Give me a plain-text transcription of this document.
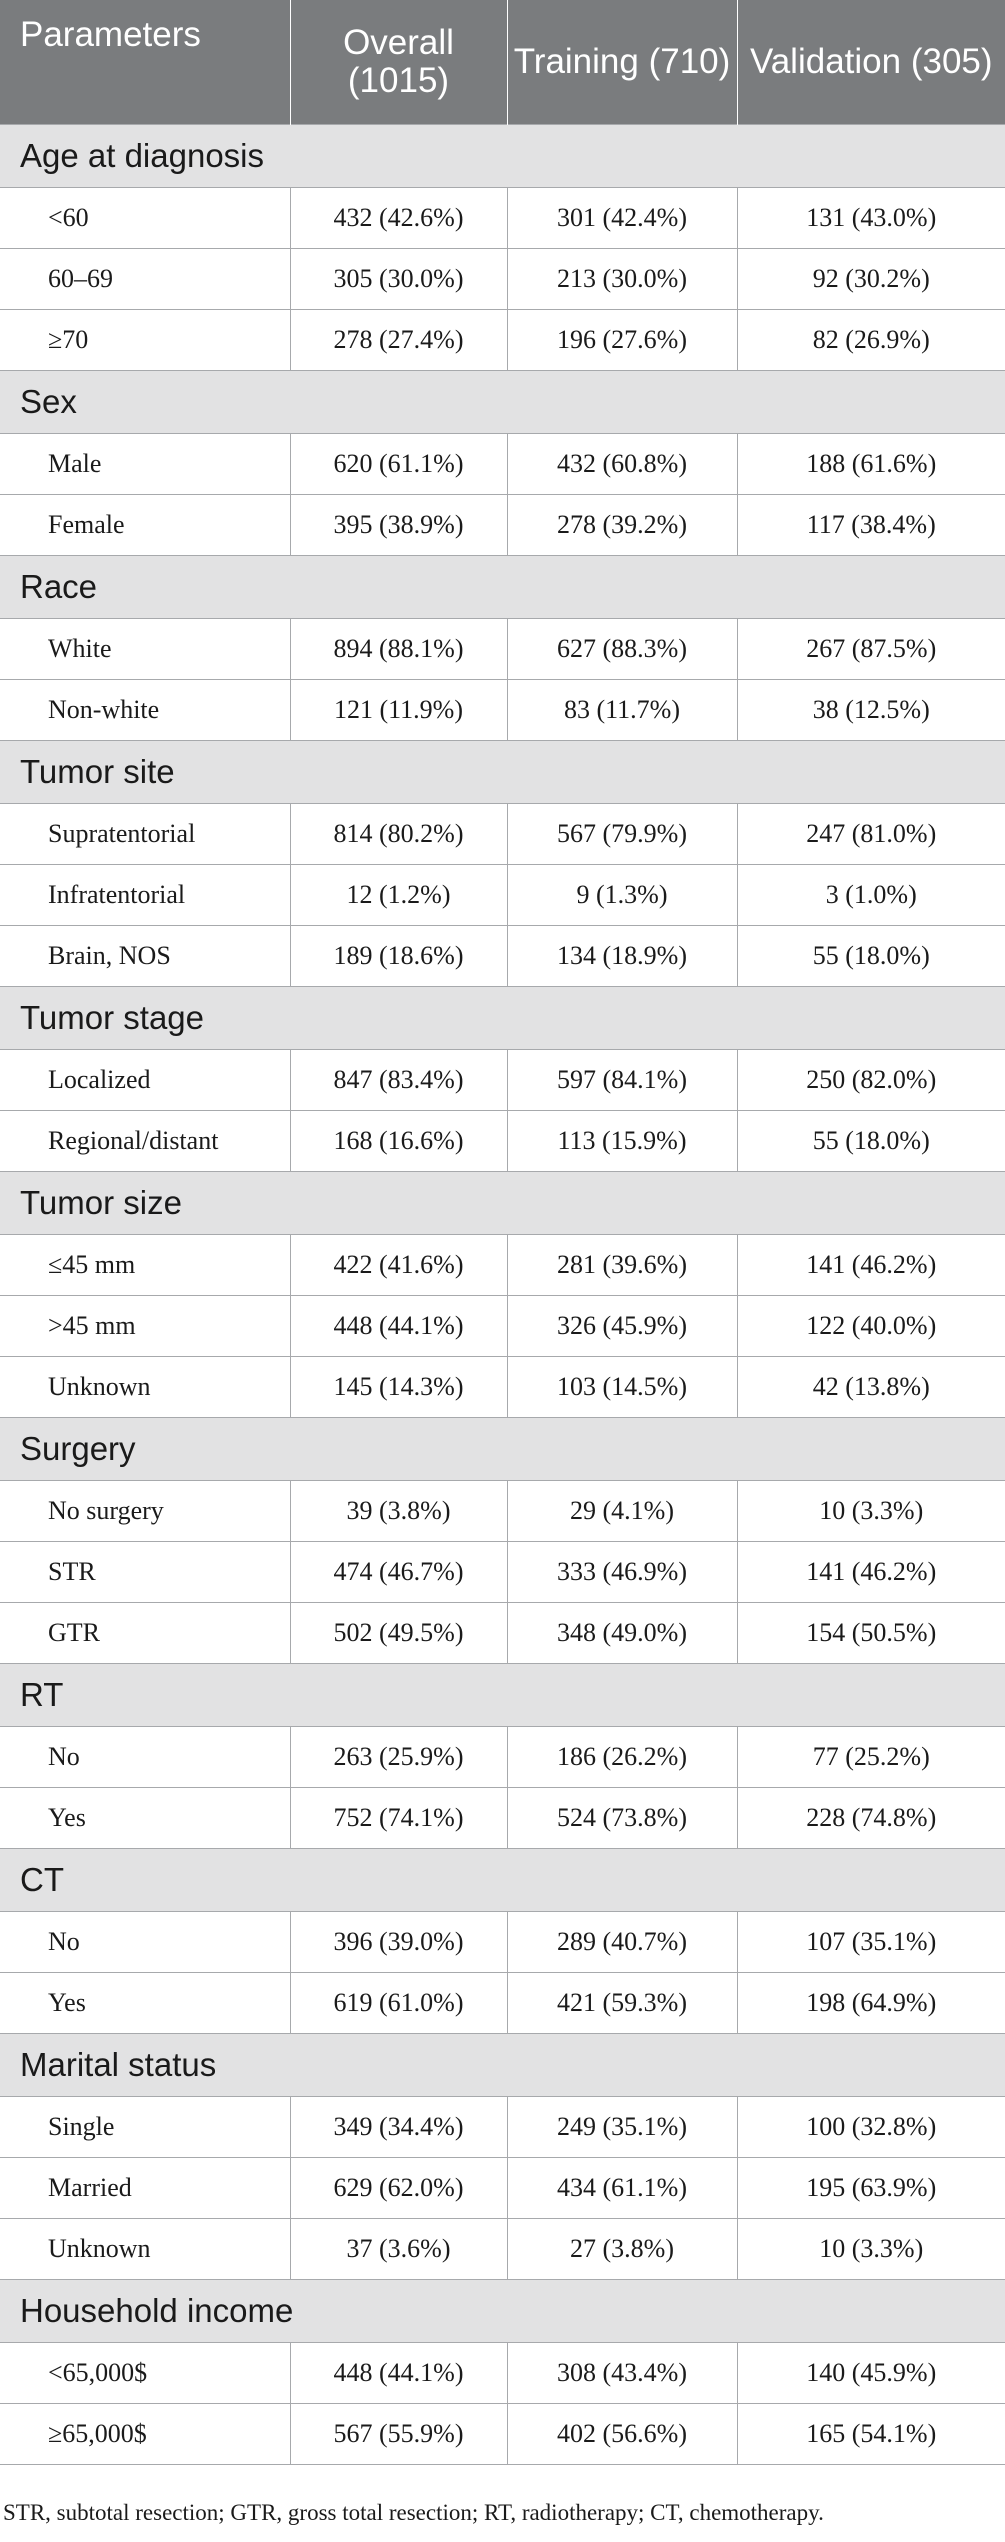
Parameters	Overall (1015)	Training (710)	Validation (305)
Age at diagnosis			
<60	432 (42.6%)	301 (42.4%)	131 (43.0%)
60–69	305 (30.0%)	213 (30.0%)	92 (30.2%)
≥70	278 (27.4%)	196 (27.6%)	82 (26.9%)
Sex			
Male	620 (61.1%)	432 (60.8%)	188 (61.6%)
Female	395 (38.9%)	278 (39.2%)	117 (38.4%)
Race			
White	894 (88.1%)	627 (88.3%)	267 (87.5%)
Non-white	121 (11.9%)	83 (11.7%)	38 (12.5%)
Tumor site			
Supratentorial	814 (80.2%)	567 (79.9%)	247 (81.0%)
Infratentorial	12 (1.2%)	9 (1.3%)	3 (1.0%)
Brain, NOS	189 (18.6%)	134 (18.9%)	55 (18.0%)
Tumor stage			
Localized	847 (83.4%)	597 (84.1%)	250 (82.0%)
Regional/distant	168 (16.6%)	113 (15.9%)	55 (18.0%)
Tumor size			
≤45 mm	422 (41.6%)	281 (39.6%)	141 (46.2%)
>45 mm	448 (44.1%)	326 (45.9%)	122 (40.0%)
Unknown	145 (14.3%)	103 (14.5%)	42 (13.8%)
Surgery			
No surgery	39 (3.8%)	29 (4.1%)	10 (3.3%)
STR	474 (46.7%)	333 (46.9%)	141 (46.2%)
GTR	502 (49.5%)	348 (49.0%)	154 (50.5%)
RT			
No	263 (25.9%)	186 (26.2%)	77 (25.2%)
Yes	752 (74.1%)	524 (73.8%)	228 (74.8%)
CT			
No	396 (39.0%)	289 (40.7%)	107 (35.1%)
Yes	619 (61.0%)	421 (59.3%)	198 (64.9%)
Marital status			
Single	349 (34.4%)	249 (35.1%)	100 (32.8%)
Married	629 (62.0%)	434 (61.1%)	195 (63.9%)
Unknown	37 (3.6%)	27 (3.8%)	10 (3.3%)
Household income			
<65,000$	448 (44.1%)	308 (43.4%)	140 (45.9%)
≥65,000$	567 (55.9%)	402 (56.6%)	165 (54.1%)
STR, subtotal resection; GTR, gross total resection; RT, radiotherapy; CT, chemotherapy.
